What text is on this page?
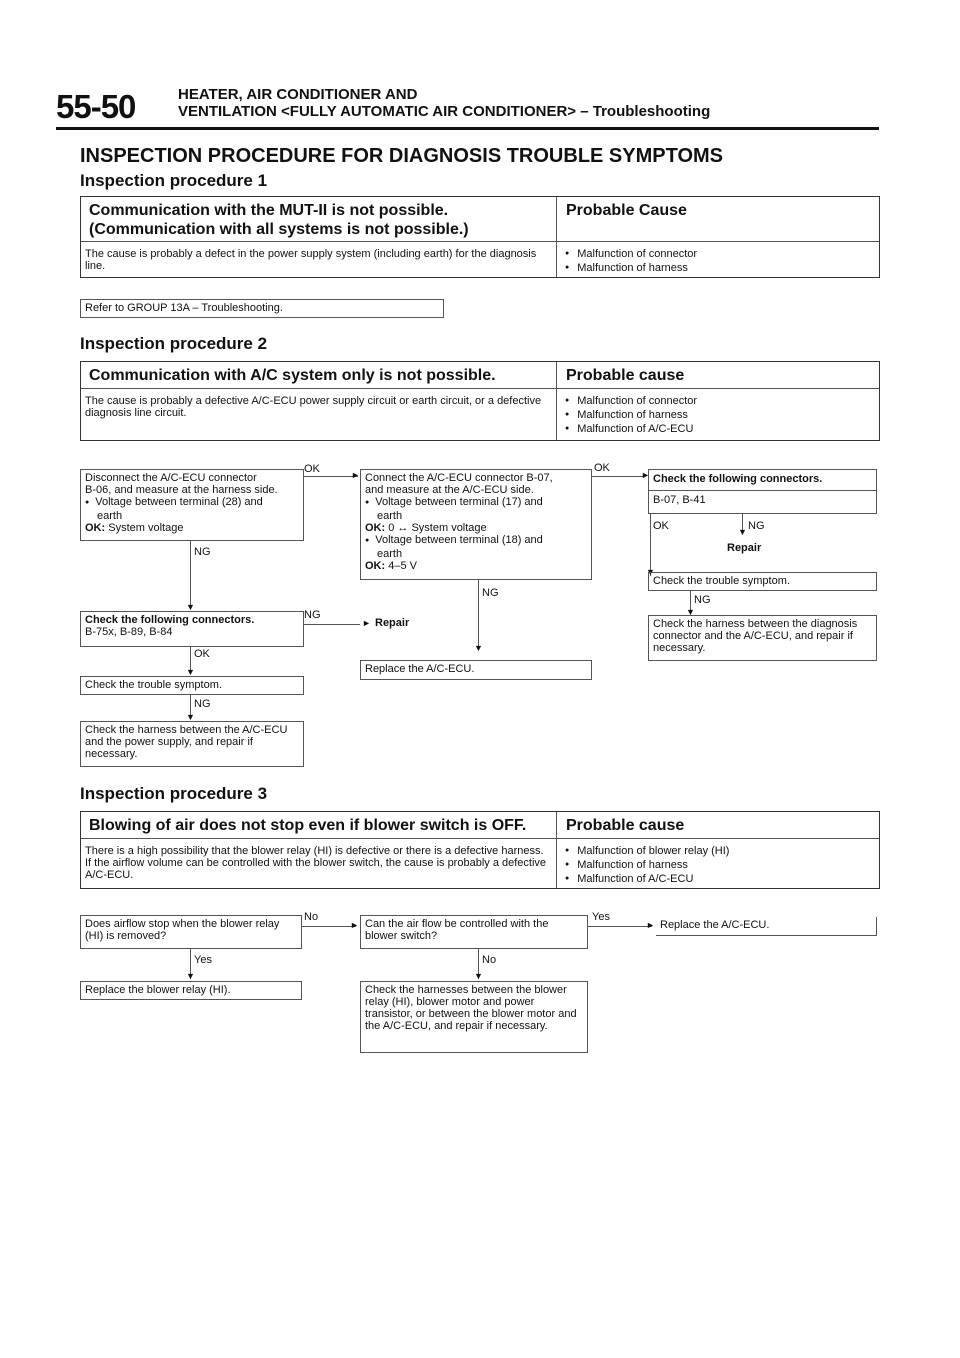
55-50	HEATER, AIR CONDITIONER AND
VENTILATION <FULLY AUTOMATIC AIR CONDITIONER> – Troubleshooting
INSPECTION PROCEDURE FOR DIAGNOSIS TROUBLE SYMPTOMS
Inspection procedure 1
Communication with the MUT-II is not possible.
(Communication with all systems is not possible.)
Probable Cause
The cause is probably a defect in the power supply system (including earth) for the diagnosis line.
● Malfunction of connector
● Malfunction of harness
Refer to GROUP 13A – Troubleshooting.
Inspection procedure 2
Communication with A/C system only is not possible.	Probable cause
The cause is probably a defective A/C-ECU power supply circuit or earth circuit, or a defective diagnosis line circuit.
● Malfunction of connector
● Malfunction of harness
● Malfunction of A/C-ECU
Disconnect the A/C-ECU connector
B-06, and measure at the harness side.
● Voltage between terminal (28) and
earth
OK: System voltage
OK	► Connect the A/C-ECU connector B-07,
and measure at the A/C-ECU side.
● Voltage between terminal (17) and
earth
OK: 0 ↔ System voltage
● Voltage between terminal (18) and
earth
OK: 4–5 V
OK
► Check the following connectors.
B-07, B-41
OK
▼
NG
▼
Repair
Check the trouble symptom.
NG
▼
Check the harness between the diagnosis connector and the A/C-ECU, and repair if necessary.
NG
▼
NG
▼
Check the following connectors.
B-75x, B-89, B-84
NG
► Repair
Replace the A/C-ECU.
OK
▼
Check the trouble symptom.
NG
▼
Check the harness between the A/C-ECU and the power supply, and repair if necessary.
Inspection procedure 3
Blowing of air does not stop even if blower switch is OFF. Probable cause
There is a high possibility that the blower relay (HI) is defective or there is a defective harness. If the airflow volume can be controlled with the blower switch, the cause is probably a defective A/C-ECU.
● Malfunction of blower relay (HI)
● Malfunction of harness
● Malfunction of A/C-ECU
Does airflow stop when the blower relay (HI) is removed?
No
► Can the air flow be controlled with the blower switch?
Yes
► Replace the A/C-ECU.
Yes
▼
Replace the blower relay (HI).
No
▼
Check the harnesses between the blower relay (HI), blower motor and power transistor, or between the blower motor and the A/C-ECU, and repair if necessary.
